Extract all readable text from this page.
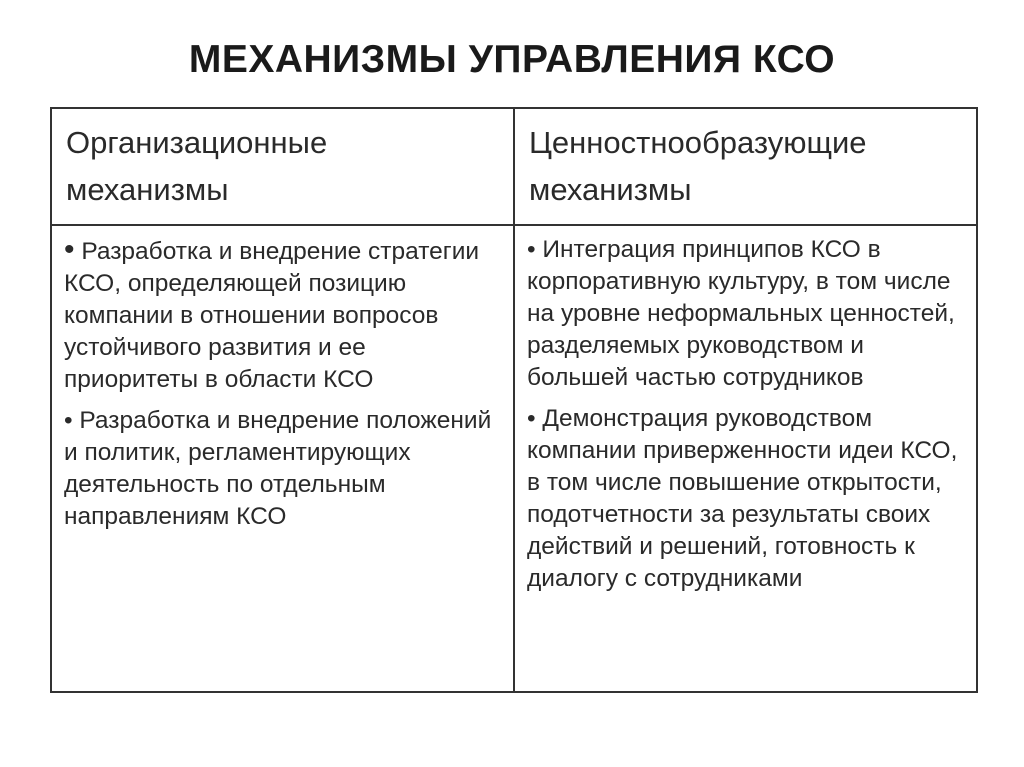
МЕХАНИЗМЫ УПРАВЛЕНИЯ КСО
Организационные
механизмы
Ценностнообразующие
механизмы
• Разработка и внедрение стратегии КСО, определяющей позицию компании в отношении вопросов устойчивого развития и ее приоритеты в области КСО
• Разработка и внедрение положений и политик, регламентирующих деятельность по отдельным направлениям КСО
• Интеграция принципов КСО в корпоративную культуру, в том числе на уровне неформальных ценностей, разделяемых руководством и большей частью сотрудников
• Демонстрация руководством компании приверженности идеи КСО, в том числе повышение открытости, подотчетности за результаты своих действий и решений, готовность к диалогу с сотрудниками
